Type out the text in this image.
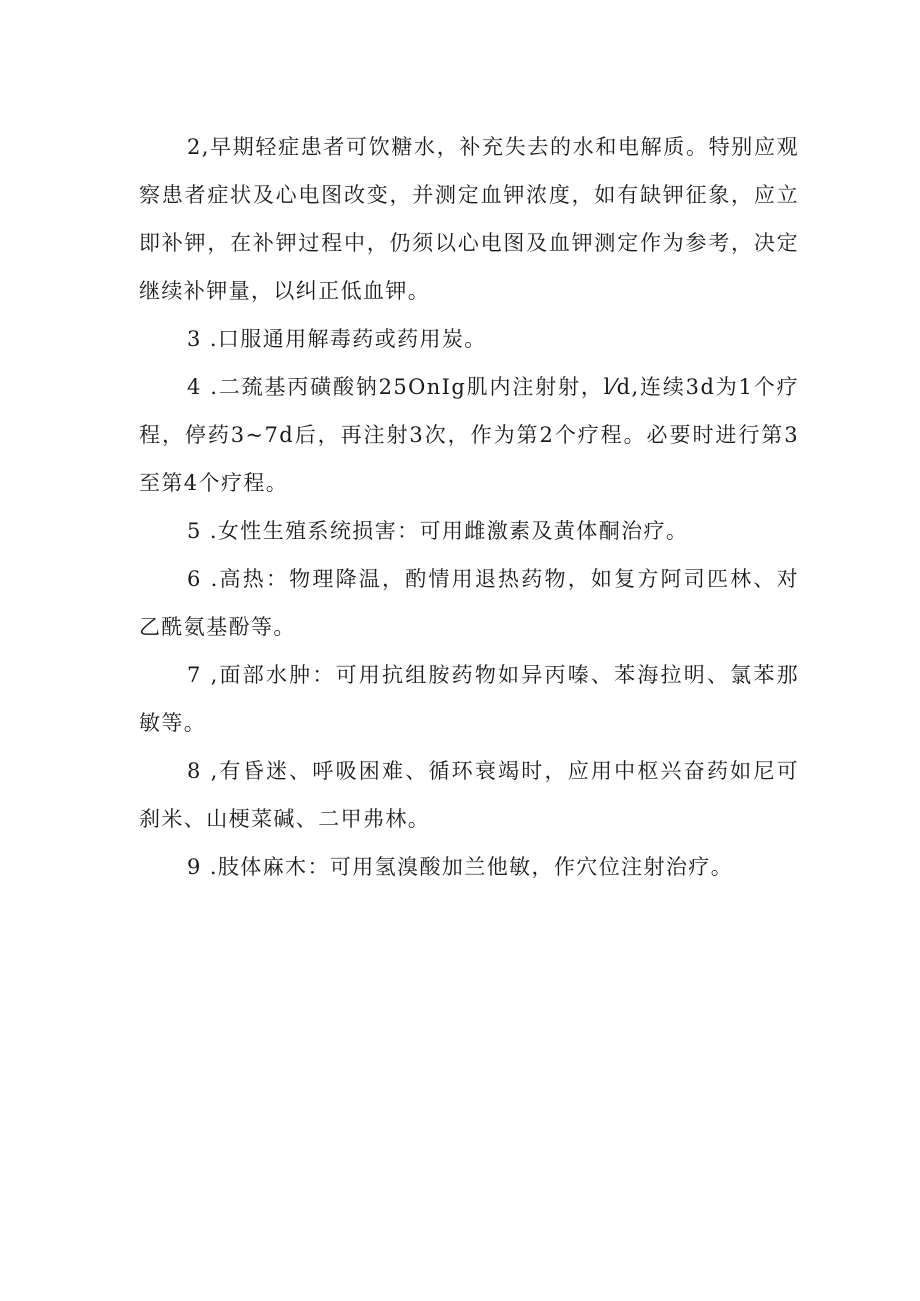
2,早期轻症患者可饮糖水，补充失去的水和电解质。特别应观察患者症状及心电图改变，并测定血钾浓度，如有缺钾征象，应立即补钾，在补钾过程中，仍须以心电图及血钾测定作为参考，决定继续补钾量，以纠正低血钾。

3 .口服通用解毒药或药用炭。

4 .二巯基丙磺酸钠25OnIg肌内注射射，l⁄d,连续3d为1个疗程，停药3~7d后，再注射3次，作为第2个疗程。必要时进行第3至第4个疗程。

5 .女性生殖系统损害：可用雌激素及黄体酮治疗。

6 .高热：物理降温，酌情用退热药物，如复方阿司匹林、对乙酰氨基酚等。

7 ,面部水肿：可用抗组胺药物如异丙嗪、苯海拉明、氯苯那敏等。

8 ,有昏迷、呼吸困难、循环衰竭时，应用中枢兴奋药如尼可刹米、山梗菜碱、二甲弗林。

9 .肢体麻木：可用氢溴酸加兰他敏，作穴位注射治疗。
